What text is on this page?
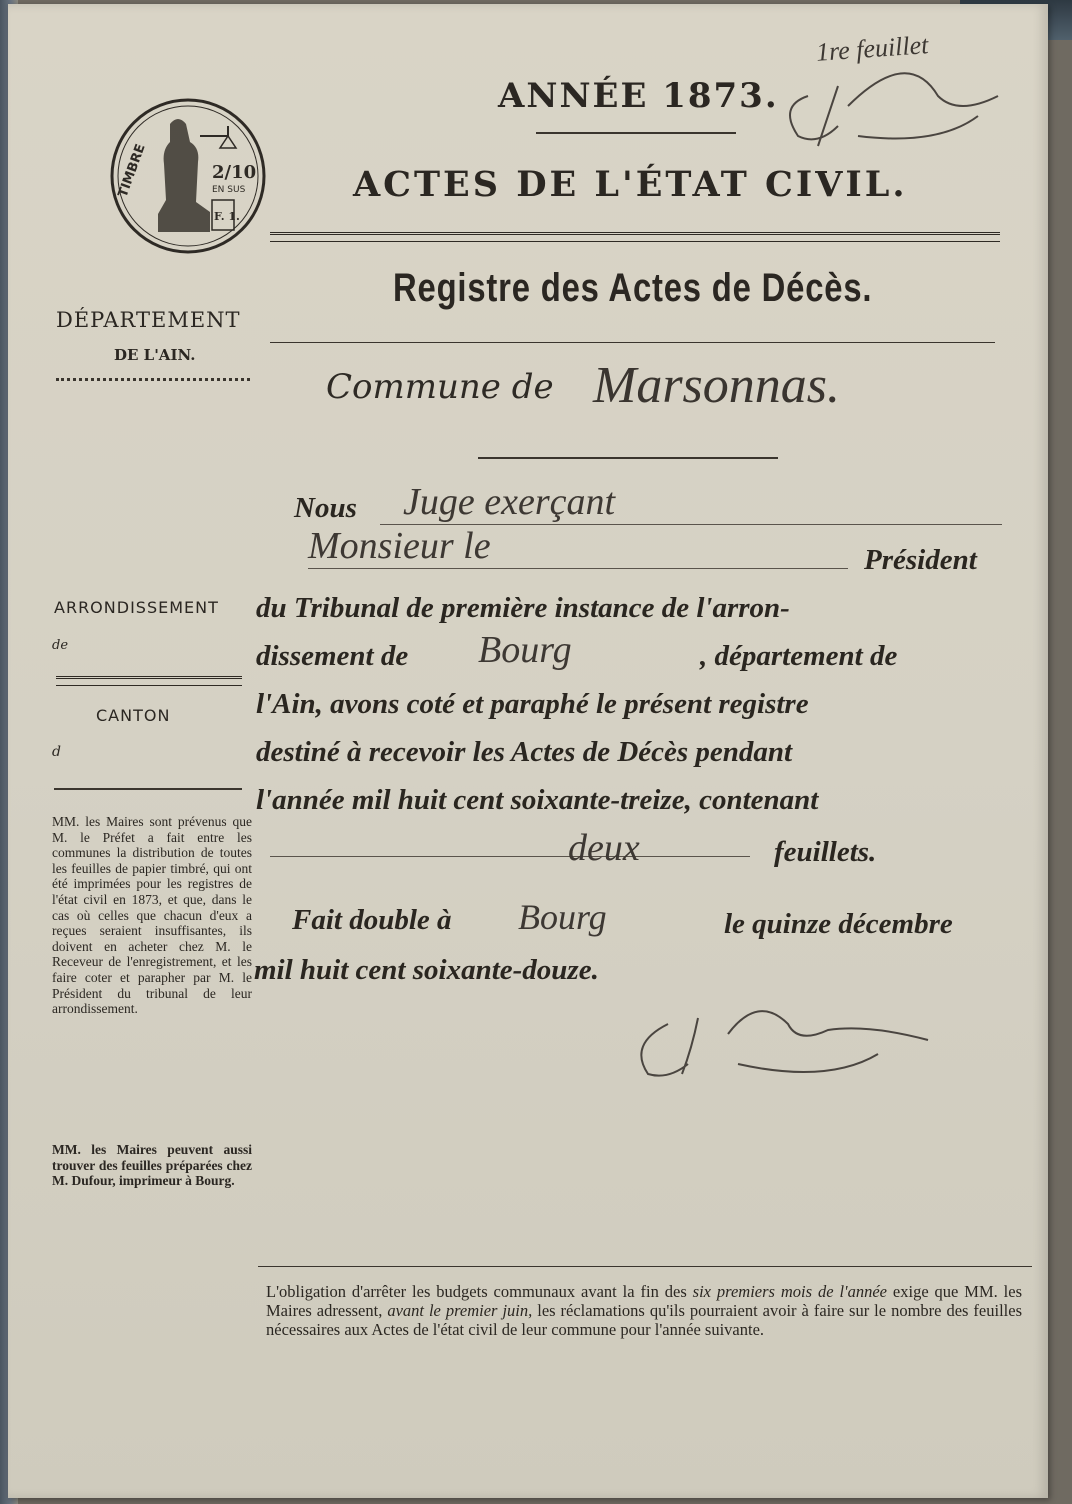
TIMBRE	2/10
EN SUS
F. 1.
ANNÉE 1873.
1re feuillet
ACTES DE L'ÉTAT CIVIL.
Registre des Actes de Décès.
Commune de Marsonnas.
DÉPARTEMENT
DE L'AIN.
ARRONDISSEMENT
de
CANTON
d
MM. les Maires sont prévenus que M. le Préfet a fait entre les communes la distribution de toutes les feuilles de papier timbré, qui ont été imprimées pour les registres de l'état civil en 1873, et que, dans le cas où celles que chacun d'eux a reçues seraient insuffisantes, ils doivent en acheter chez M. le Receveur de l'enregistrement, et les faire coter et parapher par M. le Président du tribunal de leur arrondissement.
MM. les Maires peuvent aussi trouver des feuilles préparées chez M. Dufour, imprimeur à Bourg.
Nous Juge exerçant
Monsieur le	Président
du Tribunal de première instance de l'arron-
dissement de Bourg	, département de
l'Ain, avons coté et paraphé le présent registre
destiné à recevoir les Actes de Décès pendant
l'année mil huit cent soixante-treize, contenant
deux	feuillets.
Fait double à Bourg	le quinze décembre
mil huit cent soixante-douze.
L'obligation d'arrêter les budgets communaux avant la fin des six premiers mois de l'année exige que MM. les Maires adressent, avant le premier juin, les réclamations qu'ils pourraient avoir à faire sur le nombre des feuilles nécessaires aux Actes de l'état civil de leur commune pour l'année suivante.
